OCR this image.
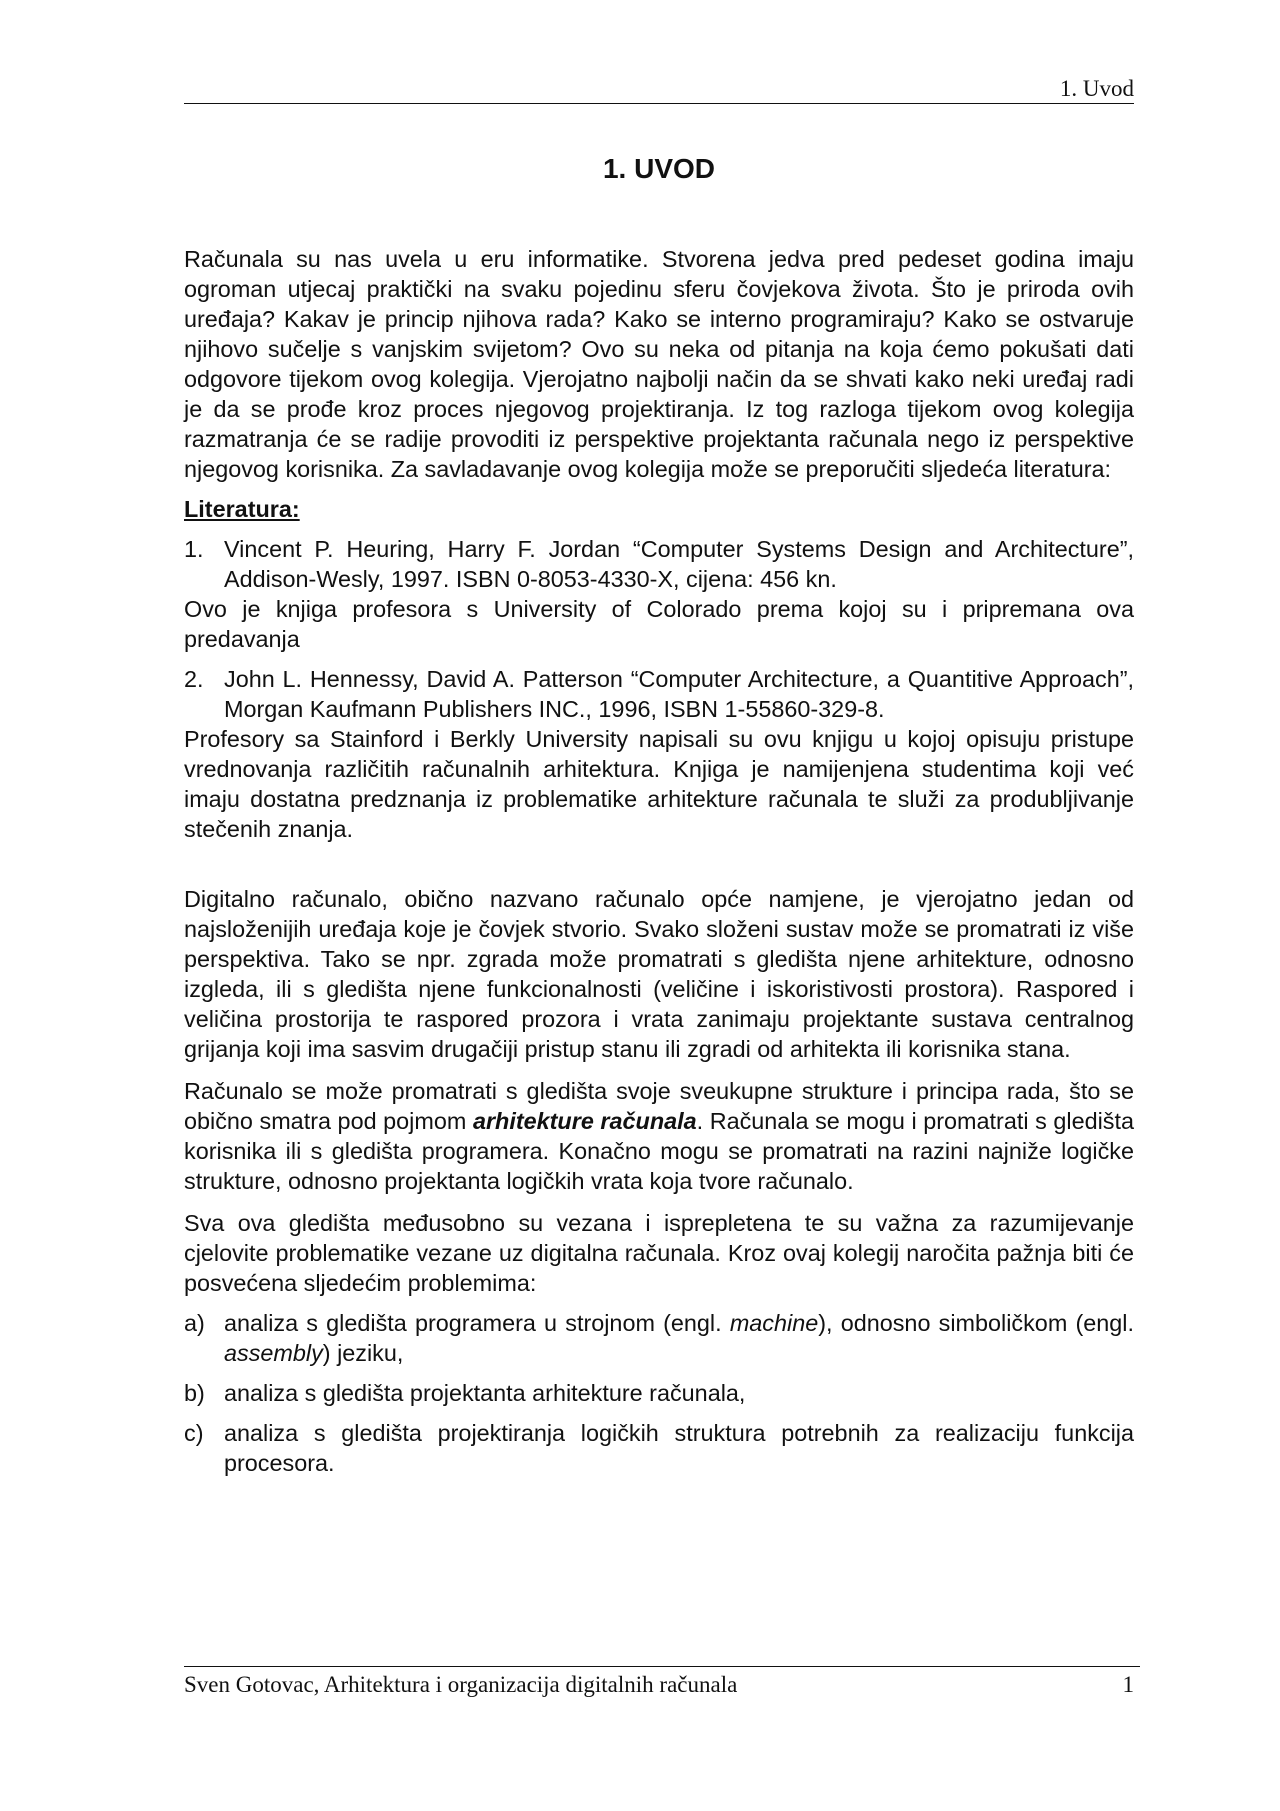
1. Uvod
1. UVOD

Računala su nas uvela u eru informatike. Stvorena jedva pred pedeset godina imaju ogroman utjecaj praktički na svaku pojedinu sferu čovjekova života. Što je priroda ovih uređaja? Kakav je princip njihova rada? Kako se interno programiraju? Kako se ostvaruje njihovo sučelje s vanjskim svijetom? Ovo su neka od pitanja na koja ćemo pokušati dati odgovore tijekom ovog kolegija. Vjerojatno najbolji način da se shvati kako neki uređaj radi je da se prođe kroz proces njegovog projektiranja. Iz tog razloga tijekom ovog kolegija razmatranja će se radije provoditi iz perspektive projektanta računala nego iz perspektive njegovog korisnika. Za savladavanje ovog kolegija može se preporučiti sljedeća literatura:

Literatura:
1. Vincent P. Heuring, Harry F. Jordan “Computer Systems Design and Architecture”, Addison-Wesly, 1997. ISBN 0-8053-4330-X, cijena: 456 kn.

Ovo je knjiga profesora s University of Colorado prema kojoj su i pripremana ova predavanja

2. John L. Hennessy, David A. Patterson “Computer Architecture, a Quantitive Approach”, Morgan Kaufmann Publishers INC., 1996, ISBN 1-55860-329-8.

Profesory sa Stainford i Berkly University napisali su ovu knjigu u kojoj opisuju pristupe vrednovanja različitih računalnih arhitektura. Knjiga je namijenjena studentima koji već imaju dostatna predznanja iz problematike arhitekture računala te služi za produbljivanje stečenih znanja.

Digitalno računalo, obično nazvano računalo opće namjene, je vjerojatno jedan od najsloženijih uređaja koje je čovjek stvorio. Svako složeni sustav može se promatrati iz više perspektiva. Tako se npr. zgrada može promatrati s gledišta njene arhitekture, odnosno izgleda, ili s gledišta njene funkcionalnosti (veličine i iskoristivosti prostora). Raspored i veličina prostorija te raspored prozora i vrata zanimaju projektante sustava centralnog grijanja koji ima sasvim drugačiji pristup stanu ili zgradi od arhitekta ili korisnika stana.

Računalo se može promatrati s gledišta svoje sveukupne strukture i principa rada, što se obično smatra pod pojmom arhitekture računala. Računala se mogu i promatrati s gledišta korisnika ili s gledišta programera. Konačno mogu se promatrati na razini najniže logičke strukture, odnosno projektanta logičkih vrata koja tvore računalo.

Sva ova gledišta međusobno su vezana i isprepletena te su važna za razumijevanje cjelovite problematike vezane uz digitalna računala. Kroz ovaj kolegij naročita pažnja biti će posvećena sljedećim problemima:

a) analiza s gledišta programera u strojnom (engl. machine), odnosno simboličkom (engl. assembly) jeziku,
b) analiza s gledišta projektanta arhitekture računala,
c) analiza s gledišta projektiranja logičkih struktura potrebnih za realizaciju funkcija procesora.
Sven Gotovac, Arhitektura i organizacija digitalnih računala	1
